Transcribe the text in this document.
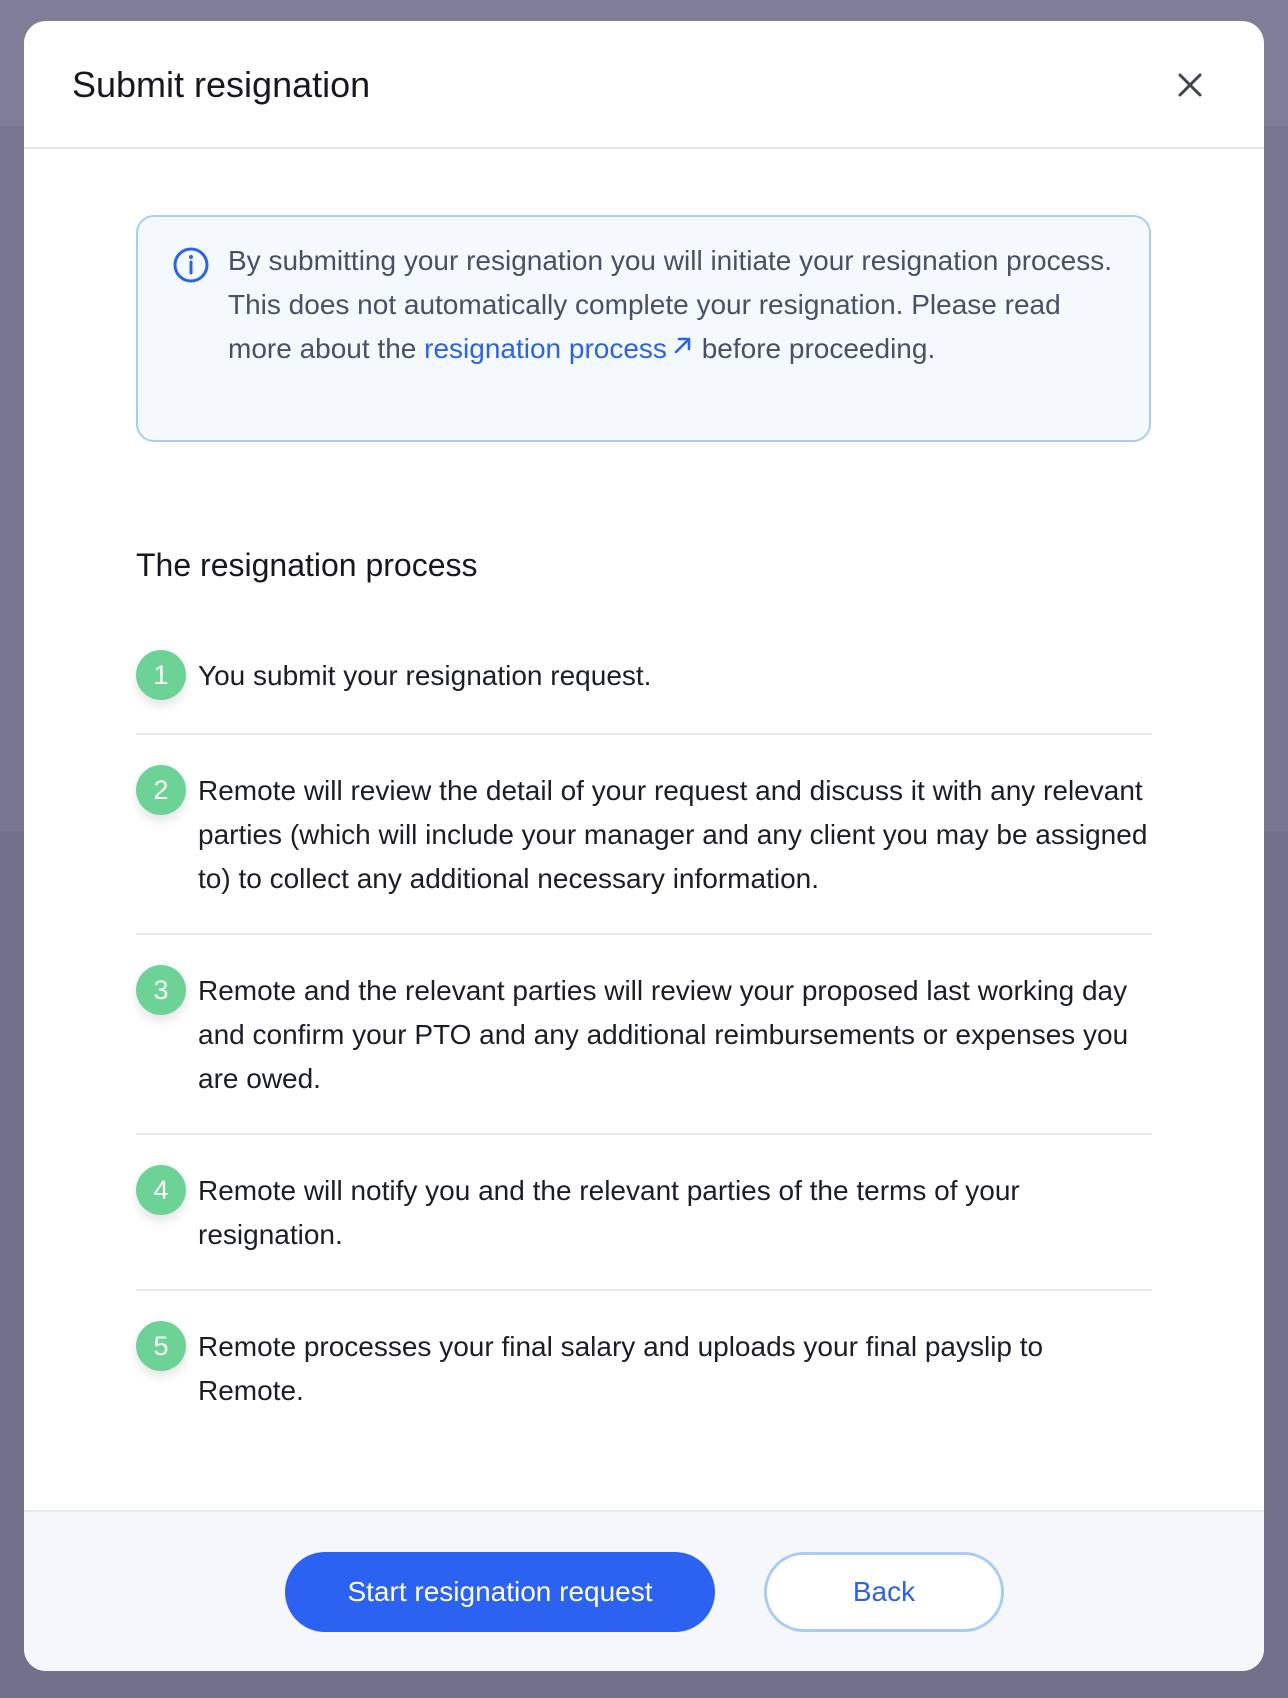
Submit resignation

By submitting your resignation you will initiate your resignation process. This does not automatically complete your resignation. Please read more about the resignation process before proceeding.

The resignation process
1	You submit your resignation request.

2	Remote will review the detail of your request and discuss it with any relevant parties (which will include your manager and any client you may be assigned to) to collect any additional necessary information.

3	Remote and the relevant parties will review your proposed last working day and confirm your PTO and any additional reimbursements or expenses you are owed.

4	Remote will notify you and the relevant parties of the terms of your resignation.

5	Remote processes your final salary and uploads your final payslip to Remote.

Start resignation request	Back
